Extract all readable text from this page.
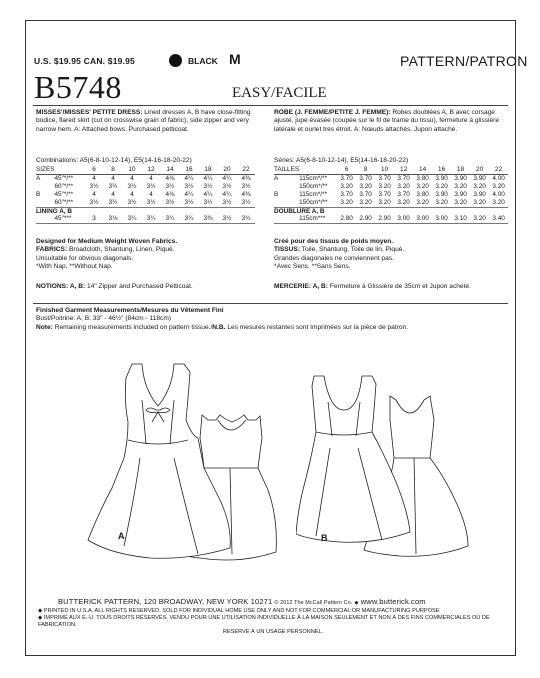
U.S. $19.95 CAN. $19.95	BLACK M	PATTERN/PATRON
B5748	EASY/FACILE
MISSES'/MISSES' PETITE DRESS: Lined dresses A, B have close-fitting bodice, flared skirt (cut on crosswise grain of fabric), side zipper and very narrow hem. A: Attached bows. Purchased petticoat.
ROBE (J. FEMME/PETITE J. FEMME): Robes doublées A, B avec corsage ajusté, jupe évasée (coupée sur le fil de trame du tissu), fermeture à glissière latérale et ourlet tres étroit. A: Nœuds attachés. Jupon attaché.
Combinations: A5(6-8-10-12-14), E5(14-16-18-20-22)	Séries: A5(6-8-10-12-14), E5(14-16-18-20-22)
SIZES		6	8	10	12	14	16	18	20	22
A	45"*/**	4	4	4	4	4⅛	4¼	4¼	4¼	4⅜
	60"*/**	3½	3½	3½	3½	3½	3½	3½	3½	3½
B	45"*/**	4	4	4	4	4⅛	4¼	4¼	4¼	4⅜
	60"*/**	3½	3½	3½	3½	3½	3½	3½	3½	3½
LINING A, B										
	45"***	3	3⅛	3¼	3¼	3¼	3¼	3⅜	3½	3¾
TAILLES		6	8	10	12	14	16	18	20	22
A	115cm*/**	3.70	3.70	3.70	3.70	3.80	3.90	3.90	3.90	4.00
	150cm*/**	3.20	3.20	3.20	3.20	3.20	3.20	3.20	3.20	3.20
B	115cm*/**	3.70	3.70	3.70	3.70	3.80	3.90	3.90	3.90	4.00
	150cm*/**	3.20	3.20	3.20	3.20	3.20	3.20	3.20	3.20	3.20
DOUBLURE A, B										
	115cm***	2.80	2.90	2.90	3.00	3.00	3.00	3.10	3.20	3.40
Designed for Medium Weight Woven Fabrics.
FABRICS: Broadcloth, Shantung, Linen, Piqué.
Unsuitable for obvious diagonals.
*With Nap. **Without Nap.
Créé pour des tissus de poids moyen.
TISSUS: Toile, Shantung, Toile de lin, Piqué.
Grandes diagonales ne conviennent pas.
*Avec Sens. **Sans Sens.
NOTIONS: A, B: 14" Zipper and Purchased Petticoat.	MERCERIE: A, B: Fermeture à Glissière de 35cm et Jupon acheté.
Finished Garment Measurements/Mesures du Vêtement Fini
Bust/Poitrine: A, B: 33" - 46½" (84cm - 118cm)
Note: Remaining measurements included on pattern tissue./N.B. Les mesures restantes sont Imprimées sur la pièce de patron.
A	B
BUTTERICK PATTERN, 120 BROADWAY, NEW YORK 10271 © 2012 The McCall Pattern Co. ◆ www.butterick.com
◆ PRINTED IN U.S.A. ALL RIGHTS RESERVED. SOLD FOR INDIVIDUAL HOME USE ONLY AND NOT FOR COMMERCIAL OR MANUFACTURING PURPOSE
◆ IMPRIMÉ AUX É.-U. TOUS DROITS RÉSERVÉS. VENDU POUR UNE UTILISATION INDIVIDUELLE À LA MAISON SEULEMENT ET NON À DES FINS COMMERCIALES OU DE FABRICATION.
RESERVE À UN USAGE PERSONNEL.
